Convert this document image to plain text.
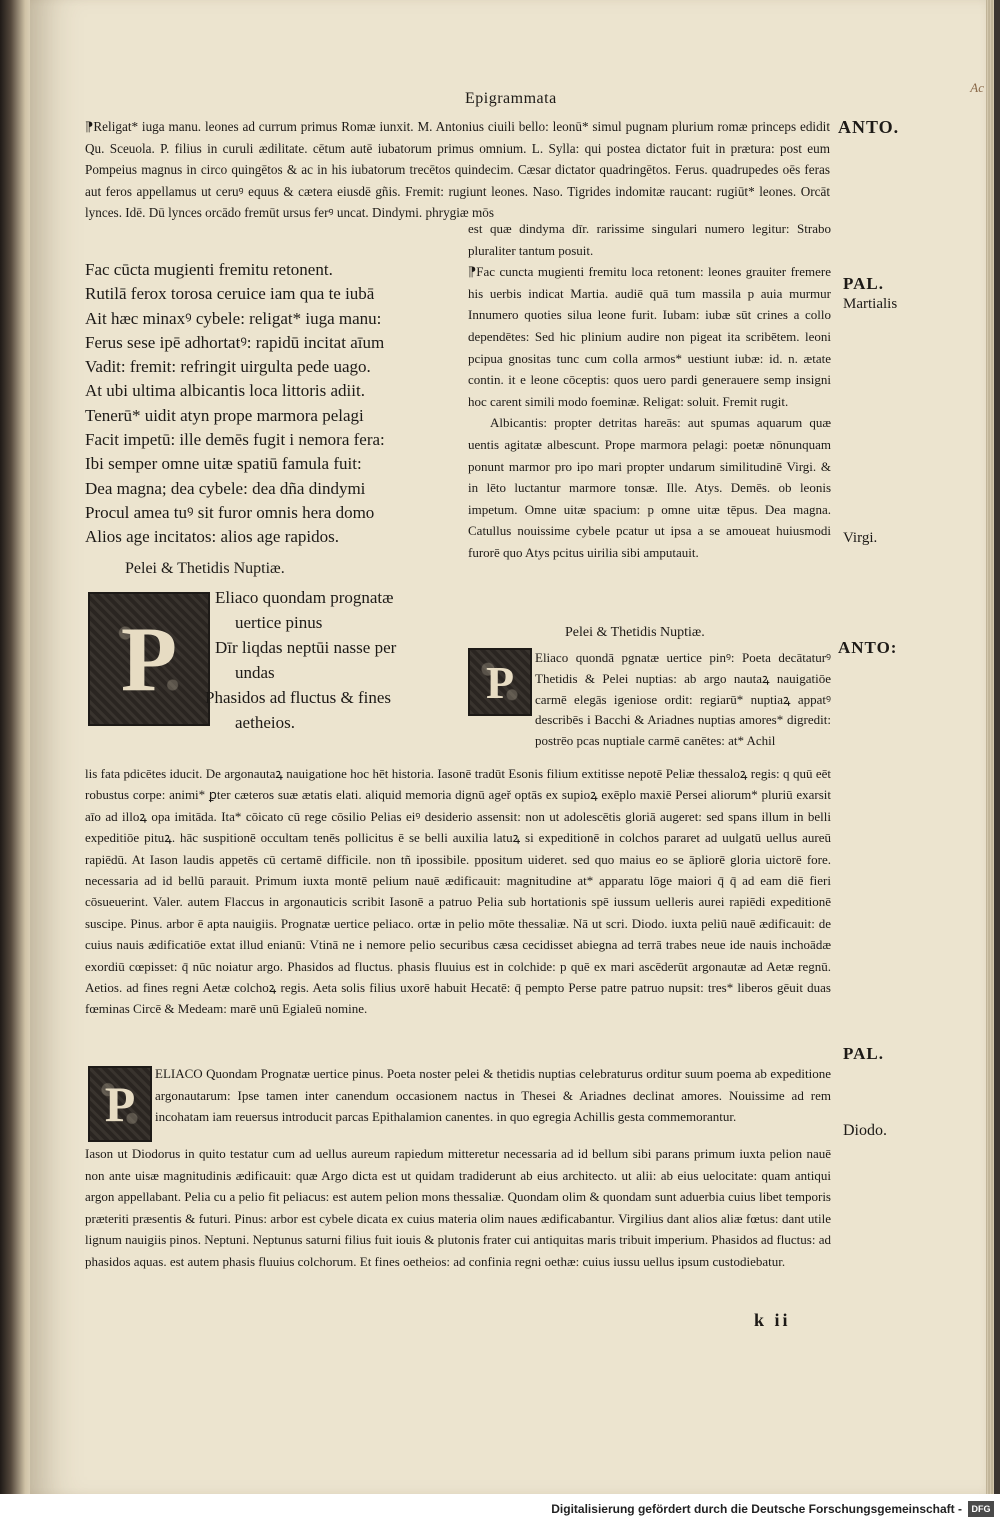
Ac
Epigrammata

⁋Religat* iuga manu. leones ad currum primus Romæ iunxit. M. Antonius ciuili bello: leonū* simul pugnam plurium romæ princeps edidit Qu. Sceuola. P. filius in curuli ædilitate. cētum autē iubatorum primus omnium. L. Sylla: qui postea dictator fuit in prætura: post eum Pompeius magnus in circo quingētos & ac in his iubatorum trecētos quindecim. Cæsar dictator quadringētos. Ferus. quadrupedes oēs feras aut feros appellamus ut ceruꝰ equus & cætera eiusdē gñis. Fremit: rugiunt leones. Naso. Tigrides indomitæ raucant: rugiūt* leones. Orcāt lynces. Idē. Dū lynces orcādo fremūt ursus ferꝰ uncat. Dindymi. phrygiæ mōs

Fac cūcta mugienti fremitu retonent.
Rutilā ferox torosa ceruice iam qua te iubā
Ait hæc minaxꝰ cybele: religat* iuga manu:
Ferus sese ipē adhortatꝰ: rapidū incitat aīum
Vadit: fremit: refringit uirgulta pede uago.
At ubi ultima albicantis loca littoris adiit.
Tenerū* uidit atyn prope marmora pelagi
Facit impetū: ille demēs fugit i nemora fera:
Ibi semper omne uitæ spatiū famula fuit:
Dea magna; dea cybele: dea dña dindymi
Procul amea tuꝰ sit furor omnis hera domo
Alios age incitatos: alios age rapidos.
Pelei & Thetidis Nuptiæ.
P
Eliaco quondam prognatæ
uertice pinus
Dīr liqdas neptūi nasse per
undas
Phasidos ad fluctus & fines
aetheios.

est quæ dindyma dīr. rarissime singulari numero legitur: Strabo pluraliter tantum posuit.

⁋Fac cuncta mugienti fremitu loca retonent: leones grauiter fremere his uerbis indicat Martia. audiē quā tum massila p auia murmur Innumero quoties silua leone furit. Iubam: iubæ sūt crines a collo dependētes: Sed hic plinium audire non pigeat ita scribētem. leoni pcipua gnositas tunc cum colla armos* uestiunt iubæ: id. n. ætate contin. it e leone cōceptis: quos uero pardi generauere semp insigni hoc carent simili modo foeminæ. Religat: soluit. Fremit rugit.

Albicantis: propter detritas hareās: aut spumas aquarum quæ uentis agitatæ albescunt. Prope marmora pelagi: poetæ nōnunquam ponunt marmor pro ipo mari propter undarum similitudinē Virgi. & in lēto luctantur marmore tonsæ. Ille. Atys. Demēs. ob leonis impetum. Omne uitæ spacium: p omne uitæ tēpus. Dea magna. Catullus nouissime cybele pcatur ut ipsa a se amoueat huiusmodi furorē quo Atys pcitus uirilia sibi amputauit.

Pelei & Thetidis Nuptiæ.
P	Eliaco quondā pgnatæ uertice pinꝰ: Poeta decātaturꝰ Thetidis & Pelei nuptias: ab argo nautaꝝ nauigatiōe carmē elegās igeniose ordit: regiarū* nuptiaꝝ appatꝰ describēs i Bacchi & Ariadnes nuptias amores* digredit: postrēo pcas nuptiale carmē canētes: at* Achil

lis fata pdicētes iducit. De argonautaꝝ nauigatione hoc hēt historia. Iasonē tradūt Esonis filium extitisse nepotē Peliæ thessaloꝝ regis: q quū eēt robustus corpe: animi* ꝑter cæteros suæ ætatis elati. aliquid memoria dignū ageř optās ex supioꝝ exēplo maxiē Persei aliorum* pluriū exarsit aīo ad illoꝝ opa imitāda. Ita* cōicato cū rege cōsilio Pelias eiꝰ desiderio assensit: non ut adolescētis gloriā augeret: sed spans illum in belli expeditiōe pituꝝ. hāc suspitionē occultam tenēs pollicitus ē se belli auxilia latuꝝ si expeditionē in colchos pararet ad uulgatū uellus aureū rapiēdū. At Iason laudis appetēs cū certamē difficile. non tñ ipossibile. ppositum uideret. sed quo maius eo se āpliorē gloria uictorē fore. necessaria ad id bellū parauit. Primum iuxta montē pelium nauē ædificauit: magnitudine at* apparatu lōge maiori q̄ q̄ ad eam diē fieri cōsueuerint. Valer. autem Flaccus in argonauticis scribit Iasonē a patruo Pelia sub hortationis spē iussum uelleris aurei rapiēdi expeditionē suscipe. Pinus. arbor ē apta nauigiis. Prognatæ uertice peliaco. ortæ in pelio mōte thessaliæ. Nā ut scri. Diodo. iuxta peliū nauē ædificauit: de cuius nauis ædificatiōe extat illud enianū: Vtinā ne i nemore pelio securibus cæsa cecidisset abiegna ad terrā trabes neue ide nauis inchoādæ exordiū cœpisset: q̄ nūc noiatur argo. Phasidos ad fluctus. phasis fluuius est in colchide: p quē ex mari ascēderūt argonautæ ad Aetæ regnū. Aetios. ad fines regni Aetæ colchoꝝ regis. Aeta solis filius uxorē habuit Hecatē: q̄ pempto Perse patre patruo nupsit: tres* liberos gēuit duas fœminas Circē & Medeam: marē unū Egialeū nomine.

P

ELIACO Quondam Prognatæ uertice pinus. Poeta noster pelei & thetidis nuptias celebraturus orditur suum poema ab expeditione argonautarum: Ipse tamen inter canendum occasionem nactus in Thesei & Ariadnes declinat amores. Nouissime ad rem incohatam iam reuersus introducit parcas Epithalamion canentes. in quo egregia Achillis gesta commemorantur.

Iason ut Diodorus in quito testatur cum ad uellus aureum rapiedum mitteretur necessaria ad id bellum sibi parans primum iuxta pelion nauē non ante uisæ magnitudinis ædificauit: quæ Argo dicta est ut quidam tradiderunt ab eius architecto. ut alii: ab eius uelocitate: quam antiqui argon appellabant. Pelia cu a pelio fit peliacus: est autem pelion mons thessaliæ. Quondam olim & quondam sunt aduerbia cuius libet temporis præteriti præsentis & futuri. Pinus: arbor est cybele dicata ex cuius materia olim naues ædificabantur. Virgilius dant alios aliæ fœtus: dant utile lignum nauigiis pinos. Neptuni. Neptunus saturni filius fuit iouis & plutonis frater cui antiquitas maris tribuit imperium. Phasidos ad fluctus: ad phasidos aquas. est autem phasis fluuius colchorum. Et fines oetheios: ad confinia regni oethæ: cuius iussu uellus ipsum custodiebatur.

ANTO.
PAL.
Martialis
Virgi.
ANTO:
PAL.
Diodo.
k ii
Digitalisierung gefördert durch die Deutsche Forschungsgemeinschaft -	DFG
